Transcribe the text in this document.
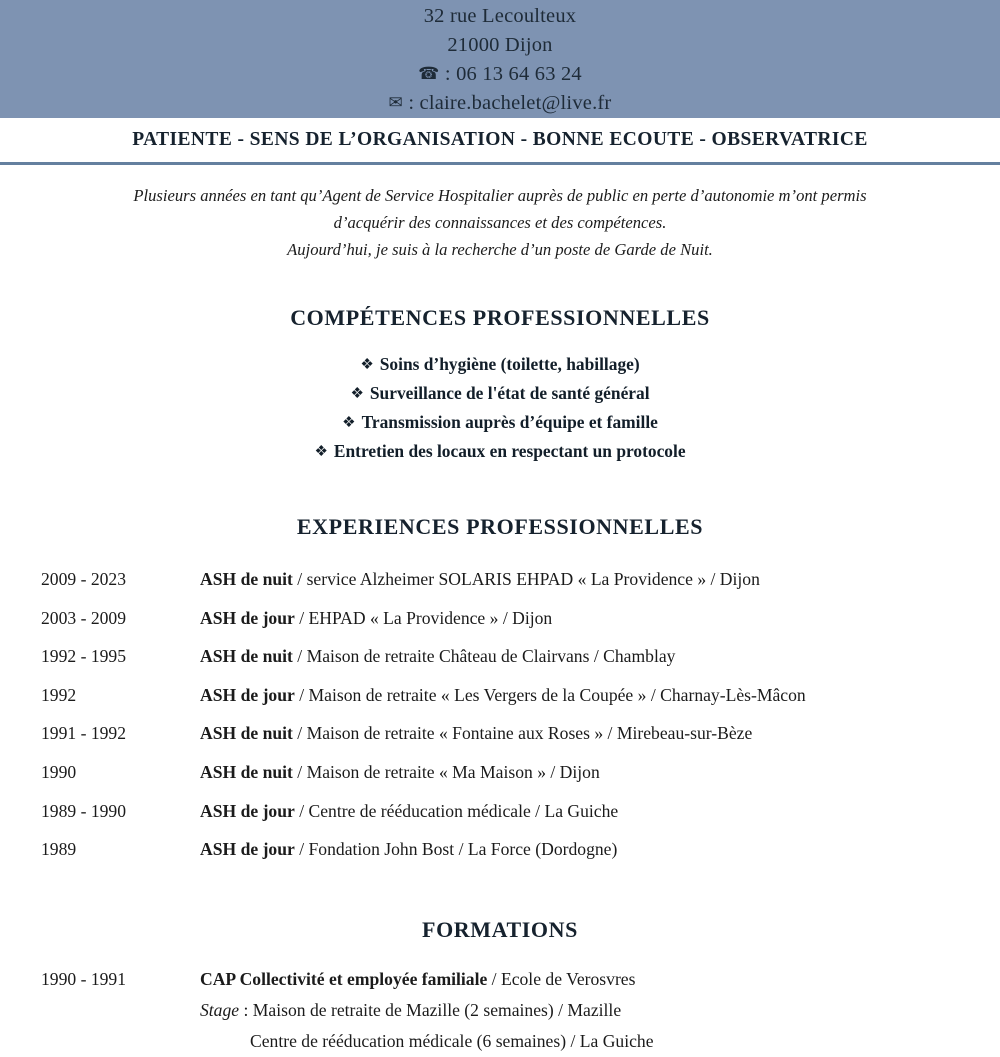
32 rue Lecoulteux
21000 Dijon
☎ : 06 13 64 63 24
✉ : claire.bachelet@live.fr
PATIENTE - SENS DE L’ORGANISATION - BONNE ECOUTE - OBSERVATRICE
Plusieurs années en tant qu’Agent de Service Hospitalier auprès de public en perte d’autonomie m’ont permis
d’acquérir des connaissances et des compétences.
Aujourd’hui, je suis à la recherche d’un poste de Garde de Nuit.
COMPÉTENCES PROFESSIONNELLES
❖ Soins d’hygiène (toilette, habillage)
❖ Surveillance de l'état de santé général
❖ Transmission auprès d’équipe et famille
❖ Entretien des locaux en respectant un protocole
EXPERIENCES PROFESSIONNELLES
2009 - 2023	ASH de nuit / service Alzheimer SOLARIS EHPAD « La Providence » / Dijon
2003 - 2009	ASH de jour / EHPAD « La Providence » / Dijon
1992 - 1995	ASH de nuit / Maison de retraite Château de Clairvans / Chamblay
1992	ASH de jour / Maison de retraite « Les Vergers de la Coupée » / Charnay-Lès-Mâcon
1991 - 1992	ASH de nuit / Maison de retraite « Fontaine aux Roses » / Mirebeau-sur-Bèze
1990	ASH de nuit / Maison de retraite « Ma Maison » / Dijon
1989 - 1990	ASH de jour / Centre de rééducation médicale / La Guiche
1989	ASH de jour / Fondation John Bost / La Force (Dordogne)
FORMATIONS
1990 - 1991	CAP Collectivité et employée familiale / Ecole de Verosvres
Stage : Maison de retraite de Mazille (2 semaines) / Mazille
Centre de rééducation médicale (6 semaines) / La Guiche
